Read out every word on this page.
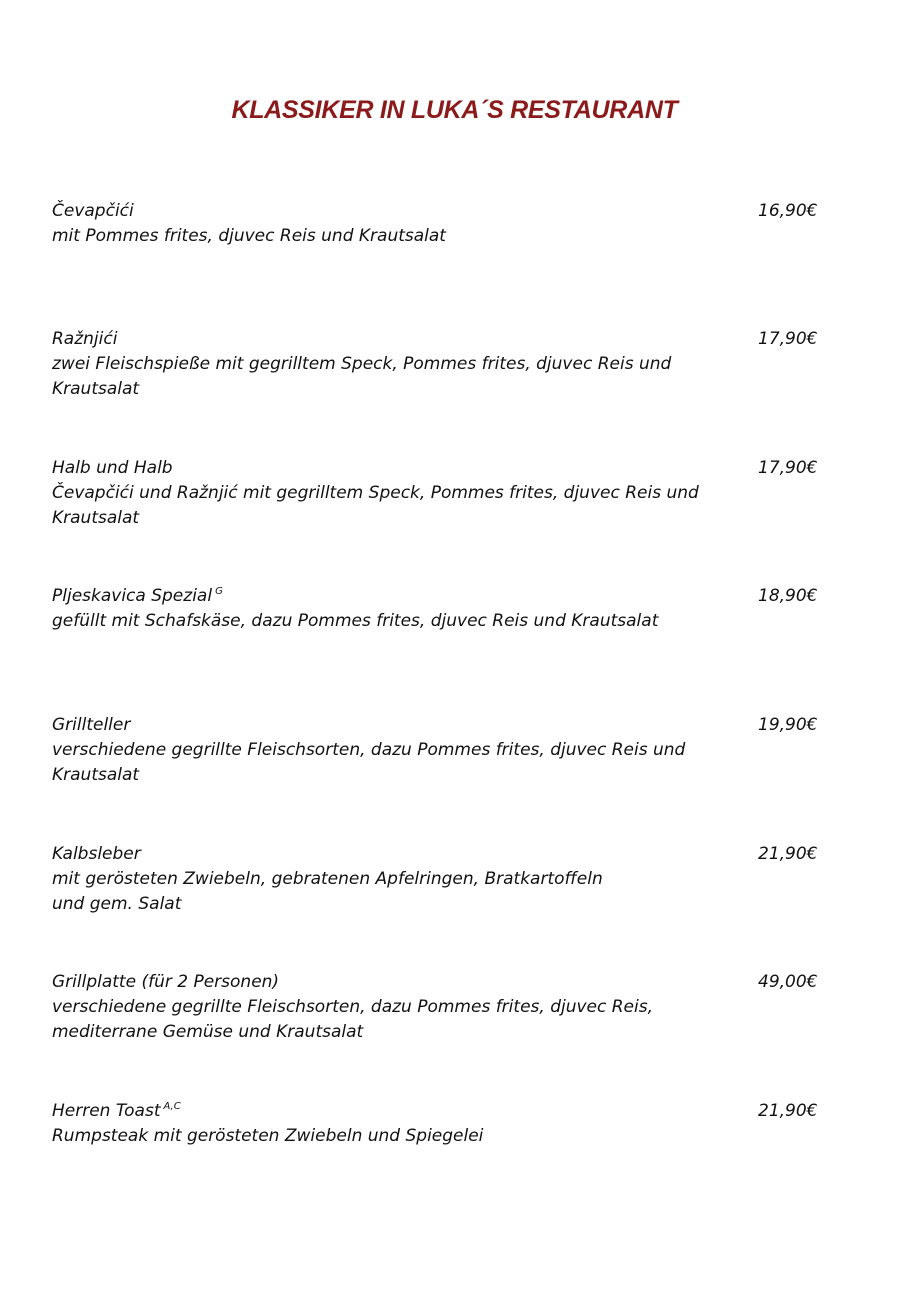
KLASSIKER IN LUKA´S RESTAURANT

Čevapčići

mit Pommes frites, djuvec Reis und Krautsalat

16,90€

Ražnjići

zwei Fleischspieße mit gegrilltem Speck, Pommes frites, djuvec Reis und
Krautsalat

17,90€

Halb und Halb

Čevapčići und Ražnjić mit gegrilltem Speck, Pommes frites, djuvec Reis und
Krautsalat

17,90€

Pljeskavica Spezial $^G$

gefüllt mit Schafskäse, dazu Pommes frites, djuvec Reis und Krautsalat

18,90€

Grillteller

verschiedene gegrillte Fleischsorten, dazu Pommes frites, djuvec Reis und
Krautsalat

19,90€

Kalbsleber

mit gerösteten Zwiebeln, gebratenen Apfelringen, Bratkartoffeln
und gem. Salat

21,90€

Grillplatte (für 2 Personen)

verschiedene gegrillte Fleischsorten, dazu Pommes frites, djuvec Reis,
mediterrane Gemüse und Krautsalat

49,00€

Herren Toast $^{A,C}$

Rumpsteak mit gerösteten Zwiebeln und Spiegelei

21,90€
